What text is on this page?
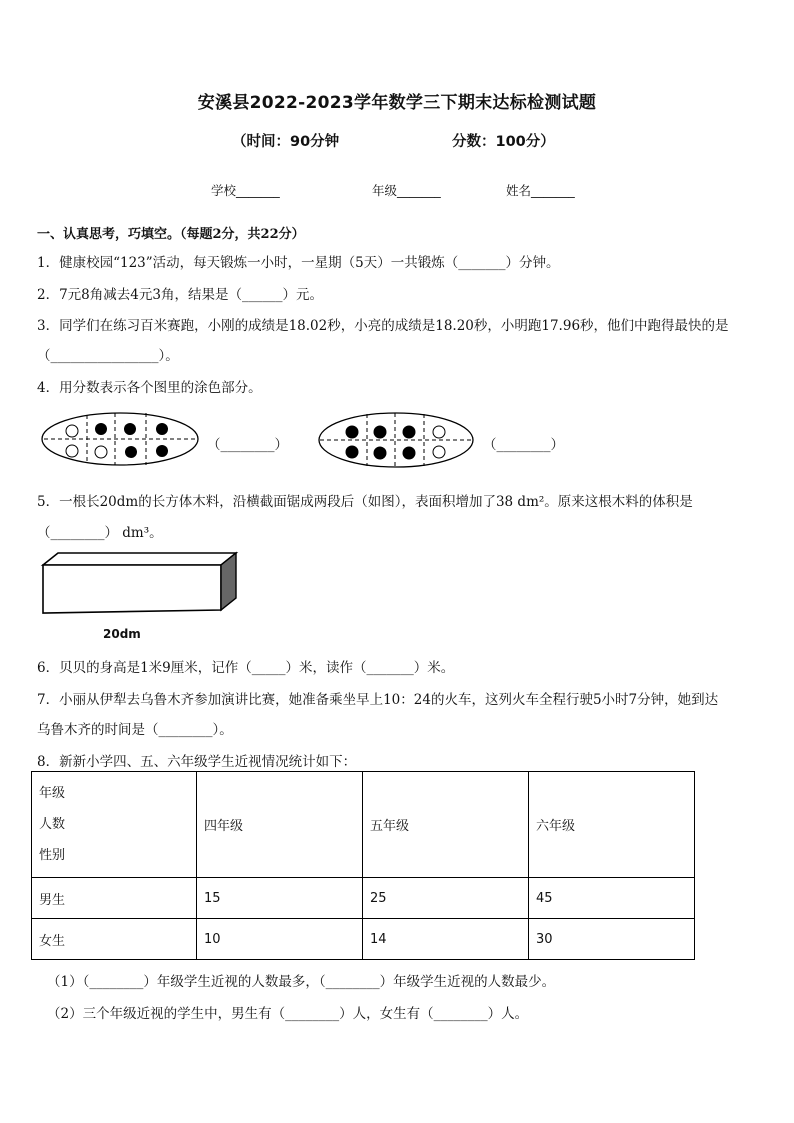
安溪县2022-2023学年数学三下期末达标检测试题
（时间：90分钟	分数：100分）
学校_______	年级_______	姓名_______
一、认真思考，巧填空。（每题2分，共22分）
1．健康校园“123”活动，每天锻炼一小时，一星期（5天）一共锻炼（_______）分钟。
2．7元8角减去4元3角，结果是（______）元。
3．同学们在练习百米赛跑，小刚的成绩是18.02秒，小亮的成绩是18.20秒，小明跑17.96秒，他们中跑得最快的是
（________________）。
4．用分数表示各个图里的涂色部分。
（________）	（________）
5．一根长20dm的长方体木料，沿横截面锯成两段后（如图），表面积增加了38 dm²。原来这根木料的体积是
（________） dm³。
20dm
6．贝贝的身高是1米9厘米，记作（_____）米，读作（_______）米。
7．小丽从伊犁去乌鲁木齐参加演讲比赛，她准备乘坐早上10：24的火车，这列火车全程行驶5小时7分钟，她到达
乌鲁木齐的时间是（________）。
8．新新小学四、五、六年级学生近视情况统计如下：
年级
人数
性别	四年级	五年级	六年级
男生	15	25	45
女生	10	14	30
（1）（________）年级学生近视的人数最多，（________）年级学生近视的人数最少。
（2）三个年级近视的学生中，男生有（________）人，女生有（________）人。
